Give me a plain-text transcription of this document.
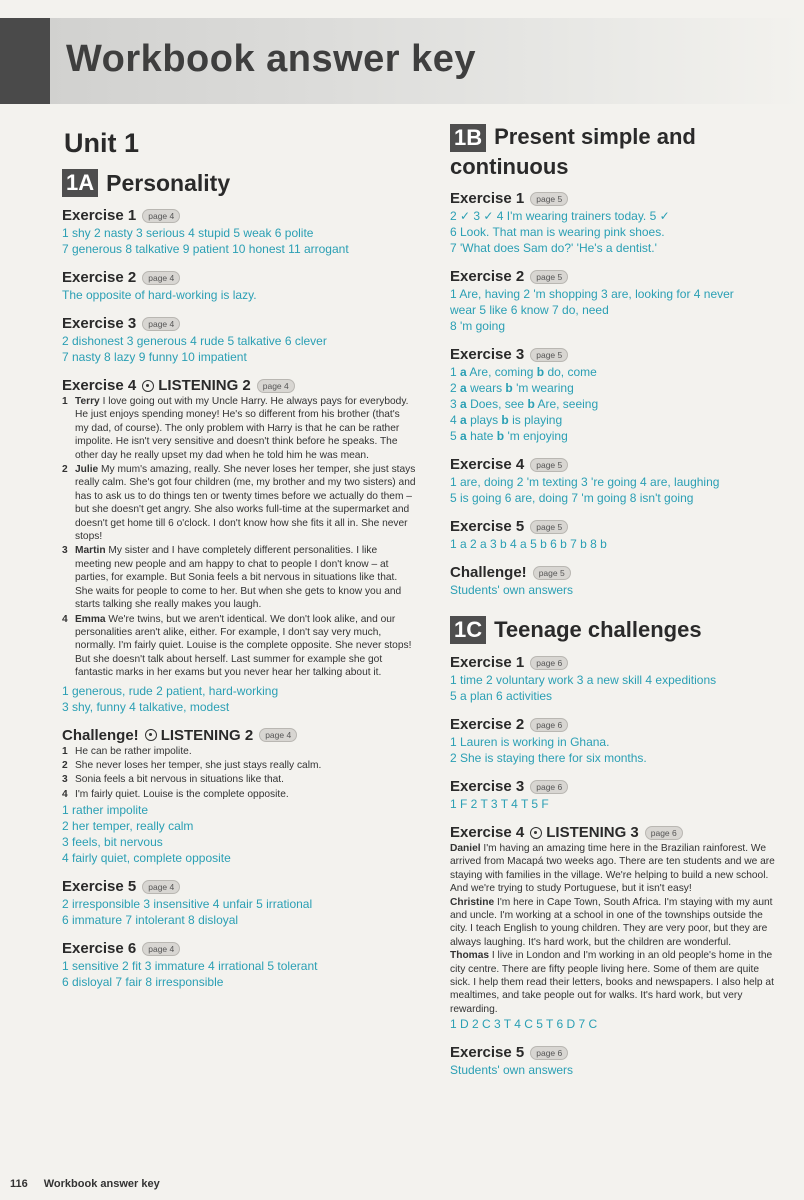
Workbook answer key
Unit 1
1A Personality
Exercise 1	page 4
1 shy 2 nasty 3 serious 4 stupid 5 weak 6 polite
7 generous 8 talkative 9 patient 10 honest 11 arrogant
Exercise 2	page 4
The opposite of hard-working is lazy.
Exercise 3	page 4
2 dishonest 3 generous 4 rude 5 talkative 6 clever
7 nasty 8 lazy 9 funny 10 impatient
Exercise 4 LISTENING 2	page 4
1 Terry I love going out with my Uncle Harry. He always pays for everybody. He just enjoys spending money! He's so different from his brother (that's my dad, of course). The only problem with Harry is that he can be rather impolite. He isn't very sensitive and doesn't think before he speaks. The other day he really upset my dad when he told him he was mean.
2 Julie My mum's amazing, really. She never loses her temper, she just stays really calm. She's got four children (me, my brother and my two sisters) and has to ask us to do things ten or twenty times before we actually do them – but she doesn't get angry. She also works full-time at the supermarket and doesn't get home till 6 o'clock. I don't know how she fits it all in. She never stops!
3 Martin My sister and I have completely different personalities. I like meeting new people and am happy to chat to people I don't know – at parties, for example. But Sonia feels a bit nervous in situations like that. She waits for people to come to her. But when she gets to know you and starts talking she really makes you laugh.
4 Emma We're twins, but we aren't identical. We don't look alike, and our personalities aren't alike, either. For example, I don't say very much, normally. I'm fairly quiet. Louise is the complete opposite. She never stops! But she doesn't talk about herself. Last summer for example she got fantastic marks in her exams but you never hear her talking about it.
1 generous, rude 2 patient, hard-working
3 shy, funny 4 talkative, modest
Challenge! LISTENING 2	page 4
1 He can be rather impolite.
2 She never loses her temper, she just stays really calm.
3 Sonia feels a bit nervous in situations like that.
4 I'm fairly quiet. Louise is the complete opposite.
1 rather impolite
2 her temper, really calm
3 feels, bit nervous
4 fairly quiet, complete opposite
Exercise 5	page 4
2 irresponsible 3 insensitive 4 unfair 5 irrational
6 immature 7 intolerant 8 disloyal
Exercise 6	page 4
1 sensitive 2 fit 3 immature 4 irrational 5 tolerant
6 disloyal 7 fair 8 irresponsible
1B Present simple and
continuous
Exercise 1	page 5
2 ✓ 3 ✓ 4 I'm wearing trainers today. 5 ✓
6 Look. That man is wearing pink shoes.
7 'What does Sam do?' 'He's a dentist.'
Exercise 2	page 5
1 Are, having 2 'm shopping 3 are, looking for 4 never
wear 5 like 6 know 7 do, need
8 'm going
Exercise 3	page 5
1 a Are, coming b do, come
2 a wears b 'm wearing
3 a Does, see b Are, seeing
4 a plays b is playing
5 a hate b 'm enjoying
Exercise 4	page 5
1 are, doing 2 'm texting 3 're going 4 are, laughing
5 is going 6 are, doing 7 'm going 8 isn't going
Exercise 5	page 5
1 a 2 a 3 b 4 a 5 b 6 b 7 b 8 b
Challenge!	page 5
Students' own answers
1C Teenage challenges
Exercise 1	page 6
1 time 2 voluntary work 3 a new skill 4 expeditions
5 a plan 6 activities
Exercise 2	page 6
1 Lauren is working in Ghana.
2 She is staying there for six months.
Exercise 3	page 6
1 F 2 T 3 T 4 T 5 F
Exercise 4 LISTENING 3	page 6
Daniel I'm having an amazing time here in the Brazilian rainforest. We arrived from Macapá two weeks ago. There are ten students and we are staying with families in the village. We're helping to build a new school. And we're trying to study Portuguese, but it isn't easy!
Christine I'm here in Cape Town, South Africa. I'm staying with my aunt and uncle. I'm working at a school in one of the townships outside the city. I teach English to young children. They are very poor, but they are always laughing. It's hard work, but the children are wonderful.
Thomas I live in London and I'm working in an old people's home in the city centre. There are fifty people living here. Some of them are quite sick. I help them read their letters, books and newspapers. I also help at mealtimes, and take people out for walks. It's hard work, but very rewarding.
1 D 2 C 3 T 4 C 5 T 6 D 7 C
Exercise 5	page 6
Students' own answers
116 Workbook answer key
